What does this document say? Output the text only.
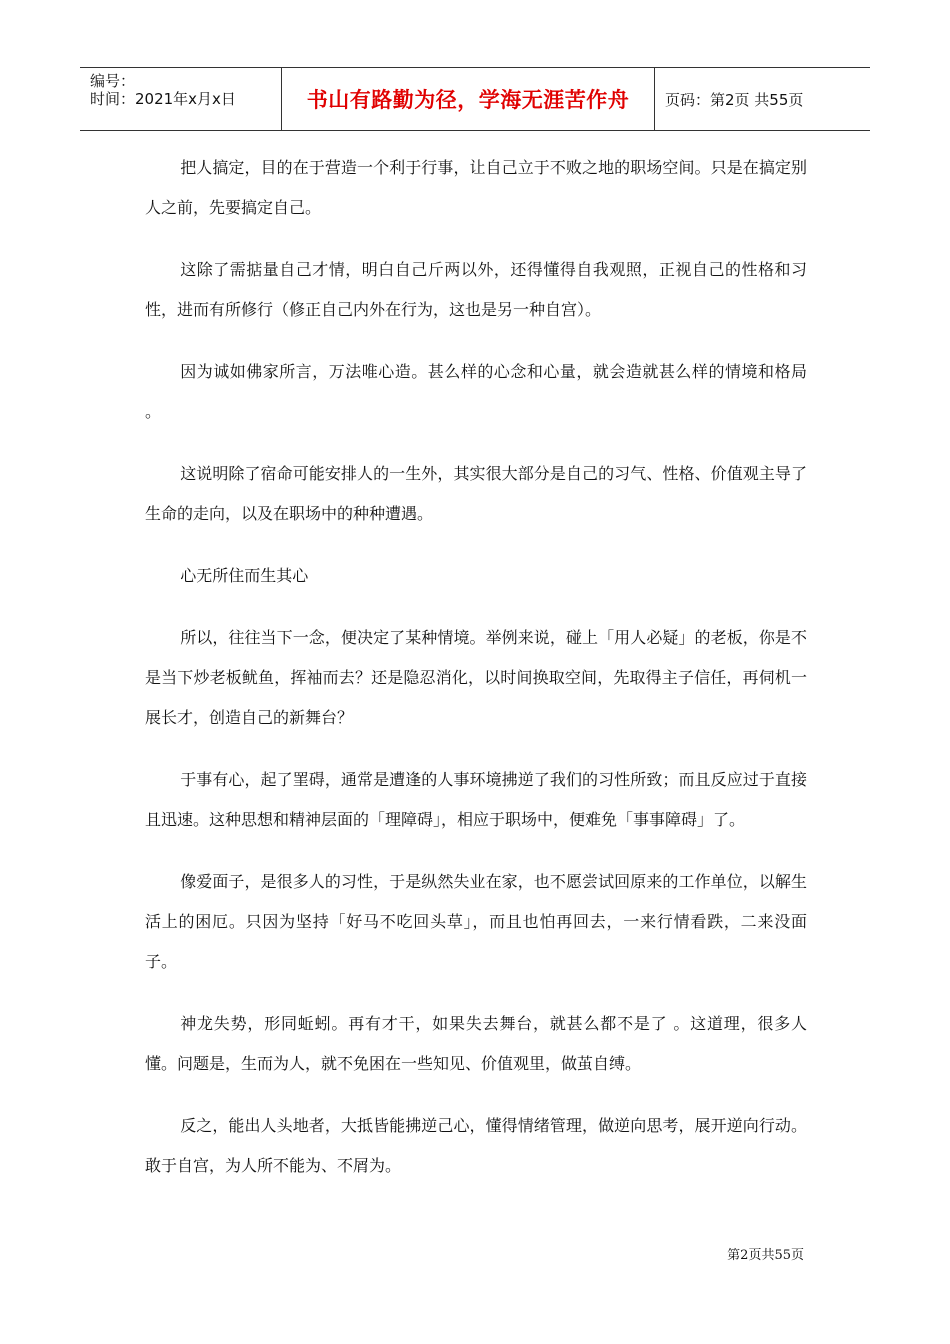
编号：
时间：2021年x月x日	书山有路勤为径，学海无涯苦作舟	页码：第2页 共55页

把人搞定，目的在于营造一个利于行事，让自己立于不败之地的职场空间。只是在搞定别人之前，先要搞定自己。

这除了需掂量自己才情，明白自己斤两以外，还得懂得自我观照，正视自己的性格和习性，进而有所修行（修正自己内外在行为，这也是另一种自宫）。

因为诚如佛家所言，万法唯心造。甚么样的心念和心量，就会造就甚么样的情境和格局 。

这说明除了宿命可能安排人的一生外，其实很大部分是自己的习气、性格、价值观主导了生命的走向，以及在职场中的种种遭遇。

心无所住而生其心

所以，往往当下一念，便决定了某种情境。举例来说，碰上「用人必疑」的老板，你是不是当下炒老板鱿鱼，挥袖而去？还是隐忍消化，以时间换取空间，先取得主子信任，再伺机一展长才，创造自己的新舞台？

于事有心，起了罣碍，通常是遭逢的人事环境拂逆了我们的习性所致；而且反应过于直接且迅速。这种思想和精神层面的「理障碍」，相应于职场中，便难免「事事障碍」了。

像爱面子，是很多人的习性，于是纵然失业在家，也不愿尝试回原来的工作单位，以解生活上的困厄。只因为坚持「好马不吃回头草」，而且也怕再回去，一来行情看跌，二来没面子。

神龙失势，形同蚯蚓。再有才干，如果失去舞台，就甚么都不是了 。这道理，很多人懂。问题是，生而为人，就不免困在一些知见、价值观里，做茧自缚。

反之，能出人头地者，大抵皆能拂逆己心，懂得情绪管理，做逆向思考，展开逆向行动。敢于自宫，为人所不能为、不屑为。

第2页共55页
